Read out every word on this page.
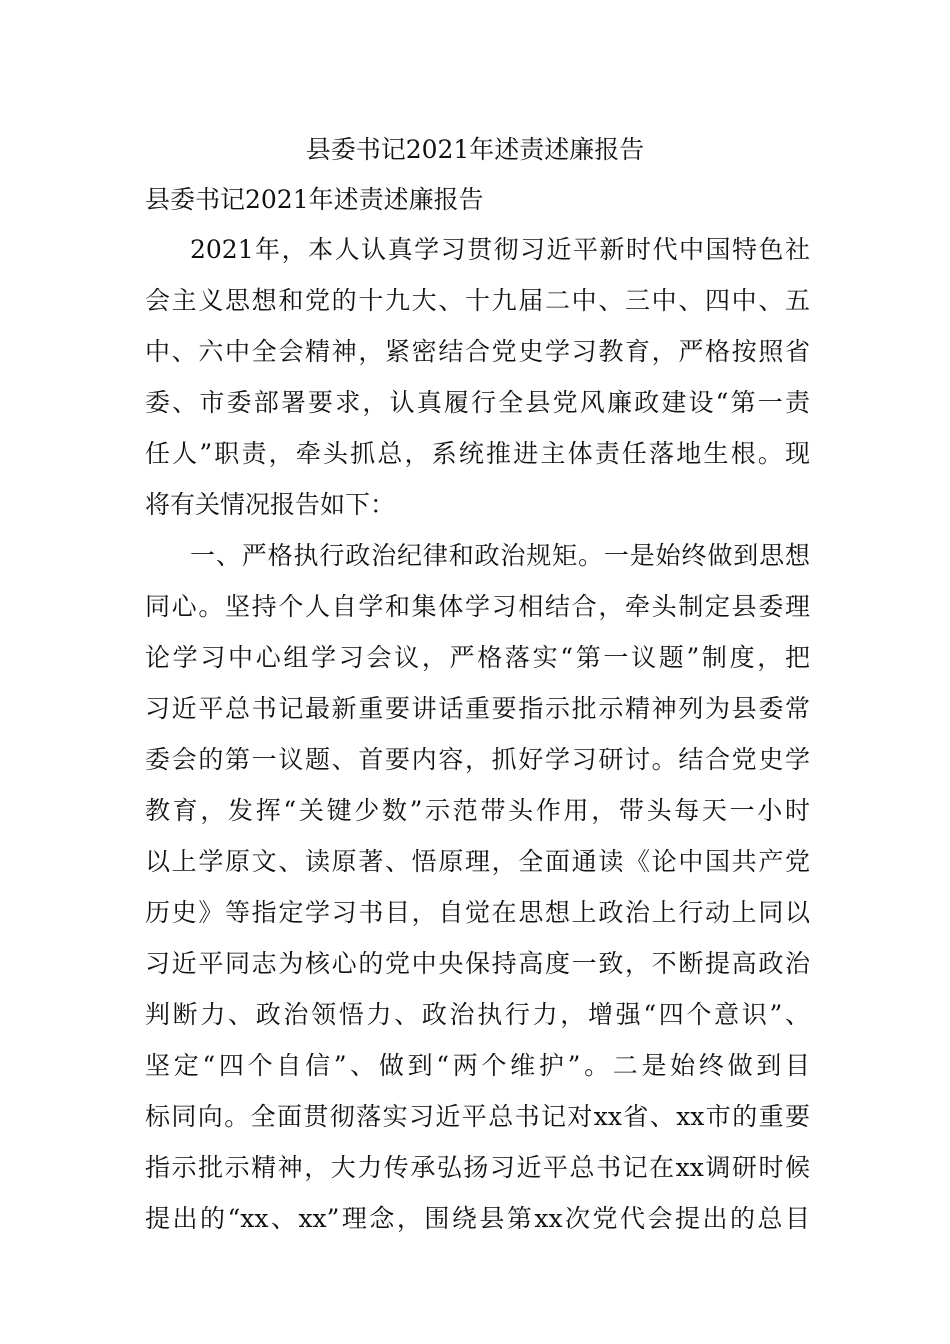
县委书记2021年述责述廉报告

县委书记2021年述责述廉报告

2021年，本人认真学习贯彻习近平新时代中国特色社
会主义思想和党的十九大、十九届二中、三中、四中、五
中、六中全会精神，紧密结合党史学习教育，严格按照省
委、市委部署要求，认真履行全县党风廉政建设“第一责
任人”职责，牵头抓总，系统推进主体责任落地生根。现
将有关情况报告如下：

一、严格执行政治纪律和政治规矩。一是始终做到思想
同心。坚持个人自学和集体学习相结合，牵头制定县委理
论学习中心组学习会议，严格落实“第一议题”制度，把
习近平总书记最新重要讲话重要指示批示精神列为县委常
委会的第一议题、首要内容，抓好学习研讨。结合党史学
教育，发挥“关键少数”示范带头作用，带头每天一小时
以上学原文、读原著、悟原理，全面通读《论中国共产党
历史》等指定学习书目，自觉在思想上政治上行动上同以
习近平同志为核心的党中央保持高度一致，不断提高政治
判断力、政治领悟力、政治执行力，增强“四个意识”、
坚定“四个自信”、做到“两个维护”。二是始终做到目
标同向。全面贯彻落实习近平总书记对xx省、xx市的重要
指示批示精神，大力传承弘扬习近平总书记在xx调研时候
提出的“xx、xx”理念，围绕县第xx次党代会提出的总目
